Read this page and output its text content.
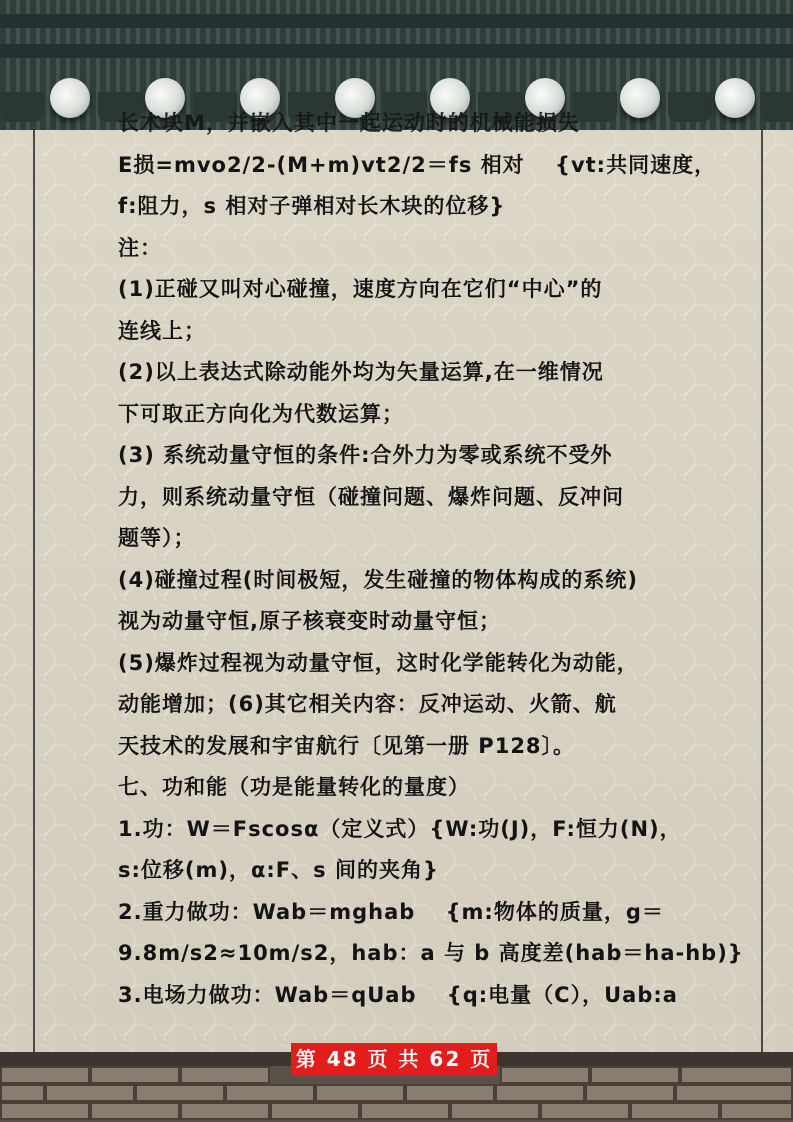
长木块M，并嵌入其中一起运动时的机械能损失
E损=mvo2/2-(M+m)vt2/2＝fs 相对　 {vt:共同速度，
f:阻力，s 相对子弹相对长木块的位移}
注：
(1)正碰又叫对心碰撞，速度方向在它们“中心”的
连线上；
(2)以上表达式除动能外均为矢量运算,在一维情况
下可取正方向化为代数运算；
(3) 系统动量守恒的条件:合外力为零或系统不受外
力，则系统动量守恒（碰撞问题、爆炸问题、反冲问
题等）；
(4)碰撞过程(时间极短，发生碰撞的物体构成的系统)
视为动量守恒,原子核衰变时动量守恒；
(5)爆炸过程视为动量守恒，这时化学能转化为动能，
动能增加；(6)其它相关内容：反冲运动、火箭、航
天技术的发展和宇宙航行〔见第一册 P128〕。
七、功和能（功是能量转化的量度）
1.功：W＝Fscosα（定义式）{W:功(J)，F:恒力(N)，
s:位移(m)，α:F、s 间的夹角}
2.重力做功：Wab＝mghab　 {m:物体的质量，g＝
9.8m/s2≈10m/s2，hab：a 与 b 高度差(hab＝ha-hb)}
3.电场力做功：Wab＝qUab　 {q:电量（C），Uab:a
第 48 页 共 62 页
